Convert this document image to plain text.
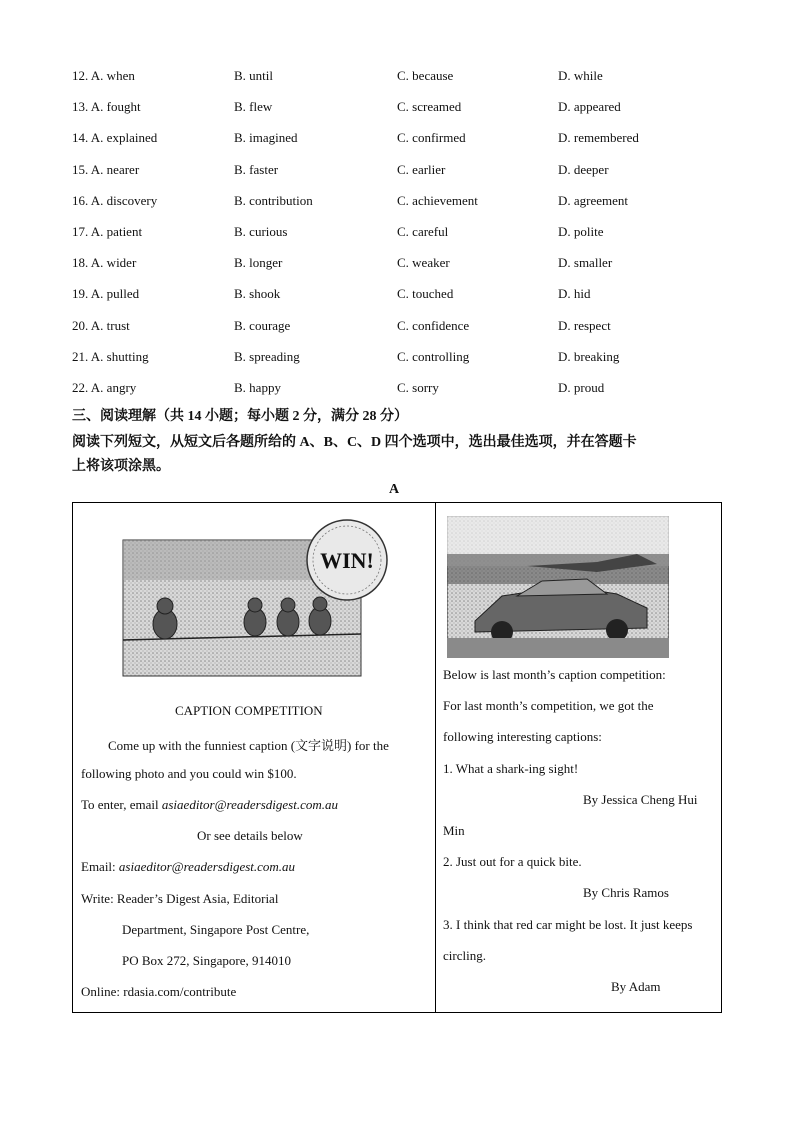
12. A. when	B. until	C. because	D. while
13. A. fought	B. flew	C. screamed	D. appeared
14. A. explained	B. imagined	C. confirmed	D. remembered
15. A. nearer	B. faster	C. earlier	D. deeper
16. A. discovery	B. contribution	C. achievement	D. agreement
17. A. patient	B. curious	C. careful	D. polite
18. A. wider	B. longer	C. weaker	D. smaller
19. A. pulled	B. shook	C. touched	D. hid
20. A. trust	B. courage	C. confidence	D. respect
21. A. shutting	B. spreading	C. controlling	D. breaking
22. A. angry	B. happy	C. sorry	D. proud
三、阅读理解（共 14 小题；每小题 2 分，满分 28 分）
阅读下列短文，从短文后各题所给的 A、B、C、D 四个选项中，选出最佳选项，并在答题卡
上将该项涂黑。
A
WIN!
CAPTION COMPETITION
Come up with the funniest caption (文字说明) for the
following photo and you could win $100.
To enter, email asiaeditor@readersdigest.com.au
Or see details below
Email: asiaeditor@readersdigest.com.au
Write: Reader’s Digest Asia, Editorial
Department, Singapore Post Centre,
PO Box 272, Singapore, 914010
Online: rdasia.com/contribute
Below is last month’s caption competition:
For last month’s competition, we got the
following interesting captions:
1. What a shark-ing sight!
By Jessica Cheng Hui
Min
2. Just out for a quick bite.
By Chris Ramos
3. I think that red car might be lost. It just keeps
circling.
By Adam
